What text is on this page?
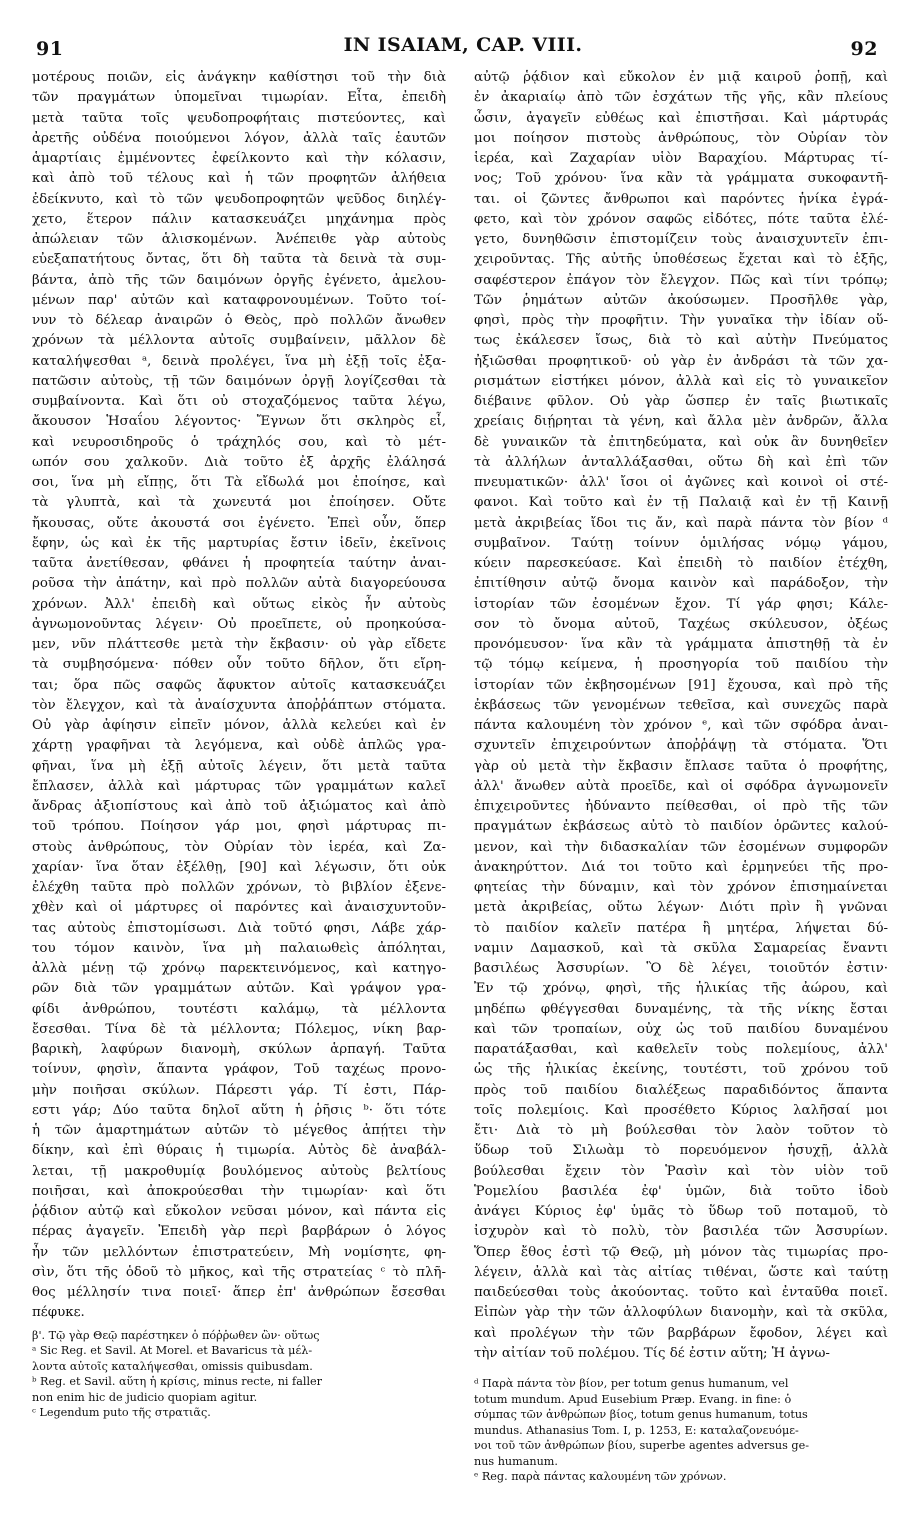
91	IN ISAIAM, CAP. VIII.	92

μοτέρους ποιῶν, εἰς ἀνάγκην καθίστησι τοῦ τὴν διὰ

τῶν πραγμάτων ὑπομεῖναι τιμωρίαν. Εἶτα, ἐπειδὴ

μετὰ ταῦτα τοῖς ψευδοπροφήταις πιστεύοντες, καὶ

ἀρετῆς οὐδένα ποιούμενοι λόγον, ἀλλὰ ταῖς ἑαυτῶν

ἁμαρτίαις ἐμμένοντες ἐφείλκοντο καὶ τὴν κόλασιν,

καὶ ἀπὸ τοῦ τέλους καὶ ἡ τῶν προφητῶν ἀλήθεια

ἐδείκνυτο, καὶ τὸ τῶν ψευδοπροφητῶν ψεῦδος διηλέγ-

χετο, ἕτερον πάλιν κατασκευάζει μηχάνημα πρὸς

ἀπώλειαν τῶν ἁλισκομένων. Ἀνέπειθε γὰρ αὐτοὺς

εὐεξαπατήτους ὄντας, ὅτι δὴ ταῦτα τὰ δεινὰ τὰ συμ-

βάντα, ἀπὸ τῆς τῶν δαιμόνων ὀργῆς ἐγένετο, ἀμελου-

μένων παρ' αὐτῶν καὶ καταφρονουμένων. Τοῦτο τοί-

νυν τὸ δέλεαρ ἀναιρῶν ὁ Θεὸς, πρὸ πολλῶν ἄνωθεν

χρόνων τὰ μέλλοντα αὐτοῖς συμβαίνειν, μᾶλλον δὲ

καταλήψεσθαι ᵃ, δεινὰ προλέγει, ἵνα μὴ ἐξῇ τοῖς ἐξα-

πατῶσιν αὐτοὺς, τῇ τῶν δαιμόνων ὀργῇ λογίζεσθαι τὰ

συμβαίνοντα. Καὶ ὅτι οὐ στοχαζόμενος ταῦτα λέγω,

ἄκουσον Ἡσαΐου λέγοντος· Ἔγνων ὅτι σκληρὸς εἶ,

καὶ νευροσιδηροῦς ὁ τράχηλός σου, καὶ τὸ μέτ-

ωπόν σου χαλκοῦν. Διὰ τοῦτο ἐξ ἀρχῆς ἐλάλησά

σοι, ἵνα μὴ εἴπῃς, ὅτι Τὰ εἴδωλά μοι ἐποίησε, καὶ

τὰ γλυπτὰ, καὶ τὰ χωνευτά μοι ἐποίησεν. Οὔτε

ἤκουσας, οὔτε ἀκουστά σοι ἐγένετο. Ἐπεὶ οὖν, ὅπερ

ἔφην, ὡς καὶ ἐκ τῆς μαρτυρίας ἔστιν ἰδεῖν, ἐκεῖνοις

ταῦτα ἀνετίθεσαν, φθάνει ἡ προφητεία ταύτην ἀναι-

ροῦσα τὴν ἀπάτην, καὶ πρὸ πολλῶν αὐτὰ διαγορεύουσα

χρόνων. Ἀλλ' ἐπειδὴ καὶ οὕτως εἰκὸς ἦν αὐτοὺς

ἀγνωμονοῦντας λέγειν· Οὐ προεῖπετε, οὐ προηκούσα-

μεν, νῦν πλάττεσθε μετὰ τὴν ἔκβασιν· οὐ γὰρ εἴδετε

τὰ συμβησόμενα· πόθεν οὖν τοῦτο δῆλον, ὅτι εἴρη-

ται; ὅρα πῶς σαφῶς ἄφυκτον αὐτοῖς κατασκευάζει

τὸν ἔλεγχον, καὶ τὰ ἀναίσχυντα ἀποῤῥάπτων στόματα.

Οὐ γὰρ ἀφίησιν εἰπεῖν μόνον, ἀλλὰ κελεύει καὶ ἐν

χάρτῃ γραφῆναι τὰ λεγόμενα, καὶ οὐδὲ ἁπλῶς γρα-

φῆναι, ἵνα μὴ ἐξῇ αὐτοῖς λέγειν, ὅτι μετὰ ταῦτα

ἔπλασεν, ἀλλὰ καὶ μάρτυρας τῶν γραμμάτων καλεῖ

ἄνδρας ἀξιοπίστους καὶ ἀπὸ τοῦ ἀξιώματος καὶ ἀπὸ

τοῦ τρόπου. Ποίησον γάρ μοι, φησὶ μάρτυρας πι-

στοὺς ἀνθρώπους, τὸν Οὐρίαν τὸν ἱερέα, καὶ Ζα-

χαρίαν· ἵνα ὅταν ἐξέλθῃ, [90] καὶ λέγωσιν, ὅτι οὐκ

ἐλέχθη ταῦτα πρὸ πολλῶν χρόνων, τὸ βιβλίον ἐξενε-

χθὲν καὶ οἱ μάρτυρες οἱ παρόντες καὶ ἀναισχυντοῦν-

τας αὐτοὺς ἐπιστομίσωσι. Διὰ τοῦτό φησι, Λάβε χάρ-

του τόμον καινὸν, ἵνα μὴ παλαιωθεὶς ἀπόληται,

ἀλλὰ μένῃ τῷ χρόνῳ παρεκτεινόμενος, καὶ κατηγο-

ρῶν διὰ τῶν γραμμάτων αὐτῶν. Καὶ γράψον γρα-

φίδι ἀνθρώπου, τουτέστι καλάμῳ, τὰ μέλλοντα

ἔσεσθαι. Τίνα δὲ τὰ μέλλοντα; Πόλεμος, νίκη βαρ-

βαρικὴ, λαφύρων διανομὴ, σκύλων ἁρπαγή. Ταῦτα

τοίνυν, φησὶν, ἅπαντα γράφον, Τοῦ ταχέως προνο-

μὴν ποιῆσαι σκύλων. Πάρεστι γάρ. Τί ἐστι, Πάρ-

εστι γάρ; Δύο ταῦτα δηλοῖ αὕτη ἡ ῥῆσις ᵇ· ὅτι τότε

ἡ τῶν ἁμαρτημάτων αὐτῶν τὸ μέγεθος ἀπῄτει τὴν

δίκην, καὶ ἐπὶ θύραις ἡ τιμωρία. Αὐτὸς δὲ ἀναβάλ-

λεται, τῇ μακροθυμίᾳ βουλόμενος αὐτοὺς βελτίους

ποιῆσαι, καὶ ἀποκρούεσθαι τὴν τιμωρίαν· καὶ ὅτι

ῥᾴδιον αὐτῷ καὶ εὔκολον νεῦσαι μόνον, καὶ πάντα εἰς

πέρας ἀγαγεῖν. Ἐπειδὴ γὰρ περὶ βαρβάρων ὁ λόγος

ἦν τῶν μελλόντων ἐπιστρατεύειν, Μὴ νομίσητε, φη-

σὶν, ὅτι τῆς ὁδοῦ τὸ μῆκος, καὶ τῆς στρατείας ᶜ τὸ πλῆ-

θος μέλλησίν τινα ποιεῖ· ἅπερ ἐπ' ἀνθρώπων ἔσεσθαι

πέφυκε.

β'. Τῷ γὰρ Θεῷ παρέστηκεν ὁ πόῤῥωθεν ὢν· οὕτως

ᵃ Sic Reg. et Savil. At Morel. et Bavaricus τὰ μέλ-

λοντα αὐτοῖς καταλήψεσθαι, omissis quibusdam.

ᵇ Reg. et Savil. αὕτη ἡ κρίσις, minus recte, ni faller

non enim hic de judicio quopiam agitur.

ᶜ Legendum puto τῆς στρατιᾶς.

αὐτῷ ῥᾴδιον καὶ εὔκολον ἐν μιᾷ καιροῦ ῥοπῇ, καὶ

ἐν ἀκαριαίῳ ἀπὸ τῶν ἐσχάτων τῆς γῆς, κἂν πλείους

ὦσιν, ἀγαγεῖν εὐθέως καὶ ἐπιστῆσαι. Καὶ μάρτυράς

μοι ποίησον πιστοὺς ἀνθρώπους, τὸν Οὐρίαν τὸν

ἱερέα, καὶ Ζαχαρίαν υἱὸν Βαραχίου. Μάρτυρας τί-

νος; Τοῦ χρόνου· ἵνα κἂν τὰ γράμματα συκοφαντῆ-

ται. οἱ ζῶντες ἄνθρωποι καὶ παρόντες ἡνίκα ἐγρά-

φετο, καὶ τὸν χρόνον σαφῶς εἰδότες, πότε ταῦτα ἐλέ-

γετο, δυνηθῶσιν ἐπιστομίζειν τοὺς ἀναισχυντεῖν ἐπι-

χειροῦντας. Τῆς αὐτῆς ὑποθέσεως ἔχεται καὶ τὸ ἑξῆς,

σαφέστερον ἐπάγον τὸν ἔλεγχον. Πῶς καὶ τίνι τρόπῳ;

Τῶν ῥημάτων αὐτῶν ἀκούσωμεν. Προσῆλθε γὰρ,

φησὶ, πρὸς τὴν προφῆτιν. Τὴν γυναῖκα τὴν ἰδίαν οὕ-

τως ἐκάλεσεν ἴσως, διὰ τὸ καὶ αὐτὴν Πνεύματος

ἠξιῶσθαι προφητικοῦ· οὐ γὰρ ἐν ἀνδράσι τὰ τῶν χα-

ρισμάτων εἱστήκει μόνον, ἀλλὰ καὶ εἰς τὸ γυναικεῖον

διέβαινε φῦλον. Οὐ γὰρ ὥσπερ ἐν ταῖς βιωτικαῖς

χρείαις διῄρηται τὰ γένη, καὶ ἄλλα μὲν ἀνδρῶν, ἄλλα

δὲ γυναικῶν τὰ ἐπιτηδεύματα, καὶ οὐκ ἂν δυνηθεῖεν

τὰ ἀλλήλων ἀνταλλάξασθαι, οὕτω δὴ καὶ ἐπὶ τῶν

πνευματικῶν· ἀλλ' ἴσοι οἱ ἀγῶνες καὶ κοινοὶ οἱ στέ-

φανοι. Καὶ τοῦτο καὶ ἐν τῇ Παλαιᾷ καὶ ἐν τῇ Καινῇ

μετὰ ἀκριβείας ἴδοι τις ἄν, καὶ παρὰ πάντα τὸν βίον ᵈ

συμβαῖνον. Ταύτῃ τοίνυν ὁμιλήσας νόμῳ γάμου,

κύειν παρεσκεύασε. Καὶ ἐπειδὴ τὸ παιδίον ἐτέχθη,

ἐπιτίθησιν αὐτῷ ὄνομα καινὸν καὶ παράδοξον, τὴν

ἱστορίαν τῶν ἐσομένων ἔχον. Τί γάρ φησι; Κάλε-

σον τὸ ὄνομα αὐτοῦ, Ταχέως σκύλευσον, ὀξέως

προνόμευσον· ἵνα κἂν τὰ γράμματα ἀπιστηθῇ τὰ ἐν

τῷ τόμῳ κείμενα, ἡ προσηγορία τοῦ παιδίου τὴν

ἱστορίαν τῶν ἐκβησομένων [91] ἔχουσα, καὶ πρὸ τῆς

ἐκβάσεως τῶν γενομένων τεθεῖσα, καὶ συνεχῶς παρὰ

πάντα καλουμένη τὸν χρόνον ᵉ, καὶ τῶν σφόδρα ἀναι-

σχυντεῖν ἐπιχειρούντων ἀποῤῥάψῃ τὰ στόματα. Ὅτι

γὰρ οὐ μετὰ τὴν ἔκβασιν ἔπλασε ταῦτα ὁ προφήτης,

ἀλλ' ἄνωθεν αὐτὰ προεῖδε, καὶ οἱ σφόδρα ἀγνωμονεῖν

ἐπιχειροῦντες ἠδύναντο πείθεσθαι, οἱ πρὸ τῆς τῶν

πραγμάτων ἐκβάσεως αὐτὸ τὸ παιδίον ὁρῶντες καλού-

μενον, καὶ τὴν διδασκαλίαν τῶν ἐσομένων συμφορῶν

ἀνακηρύττον. Διά τοι τοῦτο καὶ ἑρμηνεύει τῆς προ-

φητείας τὴν δύναμιν, καὶ τὸν χρόνον ἐπισημαίνεται

μετὰ ἀκριβείας, οὕτω λέγων· Διότι πρὶν ἢ γνῶναι

τὸ παιδίον καλεῖν πατέρα ἢ μητέρα, λήψεται δύ-

ναμιν Δαμασκοῦ, καὶ τὰ σκῦλα Σαμαρείας ἔναντι

βασιλέως Ἀσσυρίων. Ὃ δὲ λέγει, τοιοῦτόν ἐστιν·

Ἐν τῷ χρόνῳ, φησὶ, τῆς ἡλικίας τῆς ἀώρου, καὶ

μηδέπω φθέγγεσθαι δυναμένης, τὰ τῆς νίκης ἔσται

καὶ τῶν τροπαίων, οὐχ ὡς τοῦ παιδίου δυναμένου

παρατάξασθαι, καὶ καθελεῖν τοὺς πολεμίους, ἀλλ'

ὡς τῆς ἡλικίας ἐκείνης, τουτέστι, τοῦ χρόνου τοῦ

πρὸς τοῦ παιδίου διαλέξεως παραδιδόντος ἅπαντα

τοῖς πολεμίοις. Καὶ προσέθετο Κύριος λαλῆσαί μοι

ἔτι· Διὰ τὸ μὴ βούλεσθαι τὸν λαὸν τοῦτον τὸ

ὕδωρ τοῦ Σιλωὰμ τὸ πορευόμενον ἡσυχῇ, ἀλλὰ

βούλεσθαι ἔχειν τὸν Ῥασὶν καὶ τὸν υἱὸν τοῦ

Ῥομελίου βασιλέα ἐφ' ὑμῶν, διὰ τοῦτο ἰδοὺ

ἀνάγει Κύριος ἐφ' ὑμᾶς τὸ ὕδωρ τοῦ ποταμοῦ, τὸ

ἰσχυρὸν καὶ τὸ πολὺ, τὸν βασιλέα τῶν Ἀσσυρίων.

Ὅπερ ἔθος ἐστὶ τῷ Θεῷ, μὴ μόνον τὰς τιμωρίας προ-

λέγειν, ἀλλὰ καὶ τὰς αἰτίας τιθέναι, ὥστε καὶ ταύτῃ

παιδεύεσθαι τοὺς ἀκούοντας. τοῦτο καὶ ἐνταῦθα ποιεῖ.

Εἰπὼν γὰρ τὴν τῶν ἀλλοφύλων διανομὴν, καὶ τὰ σκῦλα,

καὶ προλέγων τὴν τῶν βαρβάρων ἔφοδον, λέγει καὶ

τὴν αἰτίαν τοῦ πολέμου. Τίς δέ ἐστιν αὕτη; Ἡ ἀγνω-

ᵈ Παρὰ πάντα τὸν βίον, per totum genus humanum, vel

totum mundum. Apud Eusebium Præp. Evang. in fine: ὁ

σύμπας τῶν ἀνθρώπων βίος, totum genus humanum, totus

mundus. Athanasius Tom. I, p. 1253, E: καταλαζονευόμε-

νοι τοῦ τῶν ἀνθρώπων βίου, superbe agentes adversus ge-

nus humanum.

ᵉ Reg. παρὰ πάντας καλουμένη τῶν χρόνων.
